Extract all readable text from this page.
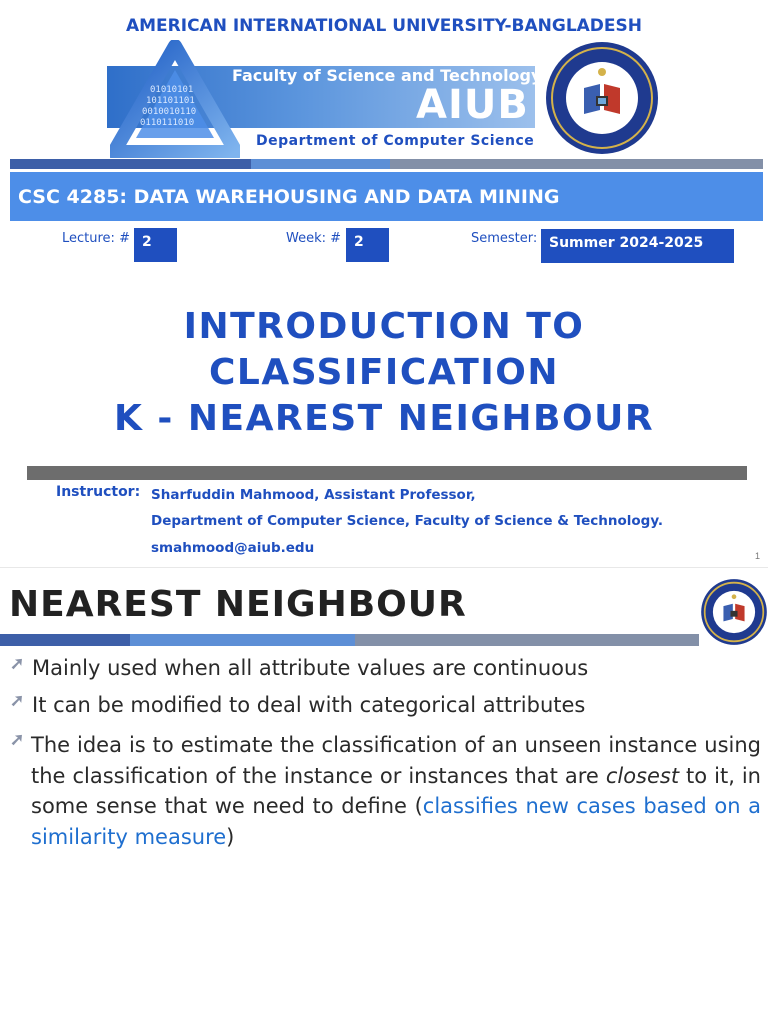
AMERICAN INTERNATIONAL UNIVERSITY-BANGLADESH
01010101
101101101
0010010110
0110111010
Faculty of Science and Technology
AIUB
Department of Computer Science
CSC 4285: DATA WAREHOUSING AND DATA MINING
Lecture: # 2	Week: # 2	Semester: Summer 2024-2025
INTRODUCTION TO
CLASSIFICATION
K - NEAREST NEIGHBOUR
Instructor: Sharfuddin Mahmood, Assistant Professor,
Department of Computer Science, Faculty of Science & Technology.
smahmood@aiub.edu	1
NEAREST NEIGHBOUR
➚ Mainly used when all attribute values are continuous
➚ It can be modified to deal with categorical attributes
➚ The idea is to estimate the classification of an unseen instance using the classification of the instance or instances that are closest to it, in some sense that we need to define (classifies new cases based on a similarity measure)
